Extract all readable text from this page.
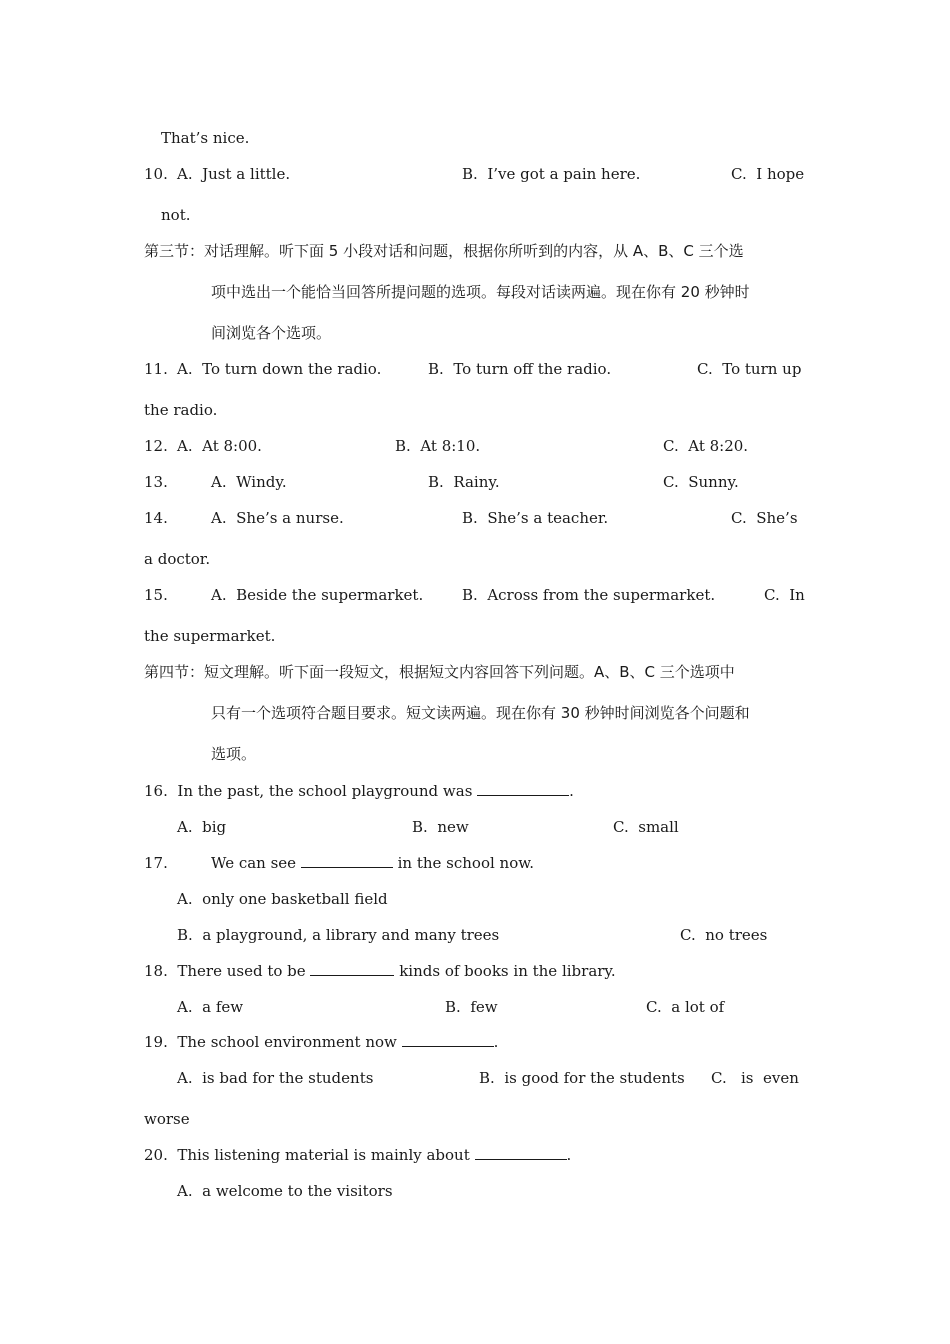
That’s nice.
10. A.  Just a little.	B.  I’ve got a pain here.	C.  I hope
not.
第三节：对话理解。听下面 5 小段对话和问题，根据你所听到的内容，从 A、B、C 三个选
项中选出一个能恰当回答所提问题的选项。每段对话读两遍。现在你有 20 秒钟时
间浏览各个选项。
11. A.  To turn down the radio.	B.  To turn off the radio.	C.  To turn up
the radio.
12. A.  At 8:00.	B.  At 8:10.	C.  At 8:20.
13.	A.  Windy.	B.  Rainy.	C.  Sunny.
14.	A.  She’s a nurse.	B.  She’s a teacher.	C.  She’s
a doctor.
15.	A.  Beside the supermarket.	B.  Across from the supermarket.	C.  In
the supermarket.
第四节：短文理解。听下面一段短文，根据短文内容回答下列问题。A、B、C 三个选项中
只有一个选项符合题目要求。短文读两遍。现在你有 30 秒钟时间浏览各个问题和
选项。
16.  In the past, the school playground was	.
A.  big	B.  new	C.  small
17.	We can see	in the school now.
A.  only one basketball field
B.  a playground, a library and many trees	C.  no trees
18.  There used to be	kinds of books in the library.
A.  a few	B.  few	C.  a lot of
19.  The school environment now	.
A.  is bad for the students	B.  is good for the students C.   is  even
worse
20.  This listening material is mainly about	.
A.  a welcome to the visitors
